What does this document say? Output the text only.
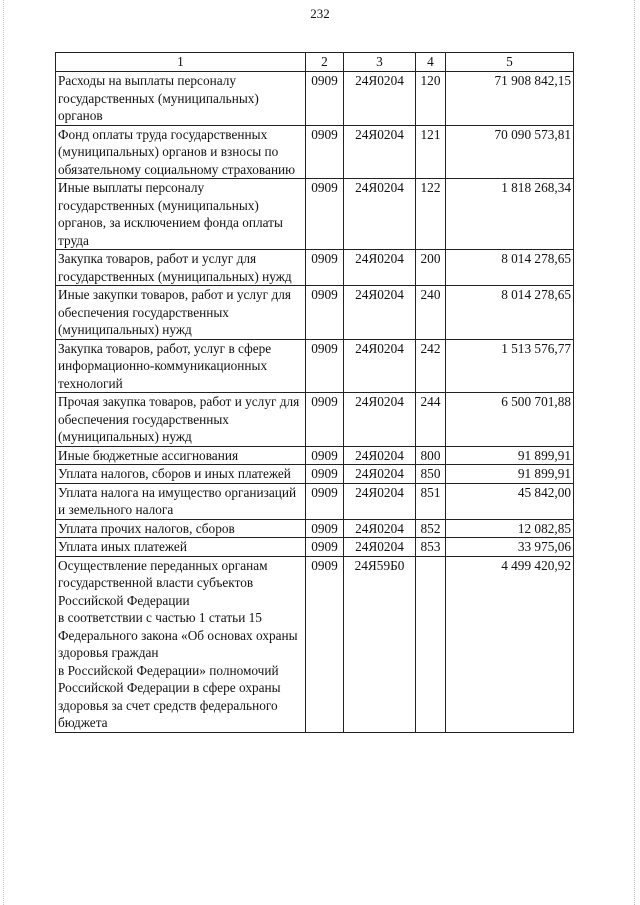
232
1	2	3	4	5
Расходы на выплаты персоналу государственных (муниципальных) органов	0909	24Я0204	120	71 908 842,15
Фонд оплаты труда государственных (муниципальных) органов и взносы по обязательному социальному страхованию	0909	24Я0204	121	70 090 573,81
Иные выплаты персоналу государственных (муниципальных) органов, за исключением фонда оплаты труда	0909	24Я0204	122	1 818 268,34
Закупка товаров, работ и услуг для государственных (муниципальных) нужд	0909	24Я0204	200	8 014 278,65
Иные закупки товаров, работ и услуг для обеспечения государственных (муниципальных) нужд	0909	24Я0204	240	8 014 278,65
Закупка товаров, работ, услуг в сфере информационно-коммуникационных технологий	0909	24Я0204	242	1 513 576,77
Прочая закупка товаров, работ и услуг для обеспечения государственных (муниципальных) нужд	0909	24Я0204	244	6 500 701,88
Иные бюджетные ассигнования	0909	24Я0204	800	91 899,91
Уплата налогов, сборов и иных платежей	0909	24Я0204	850	91 899,91
Уплата налога на имущество организаций и земельного налога	0909	24Я0204	851	45 842,00
Уплата прочих налогов, сборов	0909	24Я0204	852	12 082,85
Уплата иных платежей	0909	24Я0204	853	33 975,06
Осуществление переданных органам государственной власти субъектов Российской Федерации
в соответствии с частью 1 статьи 15 Федерального закона «Об основах охраны здоровья граждан
в Российской Федерации» полномочий Российской Федерации в сфере охраны здоровья за счет средств федерального бюджета	0909	24Я59Б0		4 499 420,92
